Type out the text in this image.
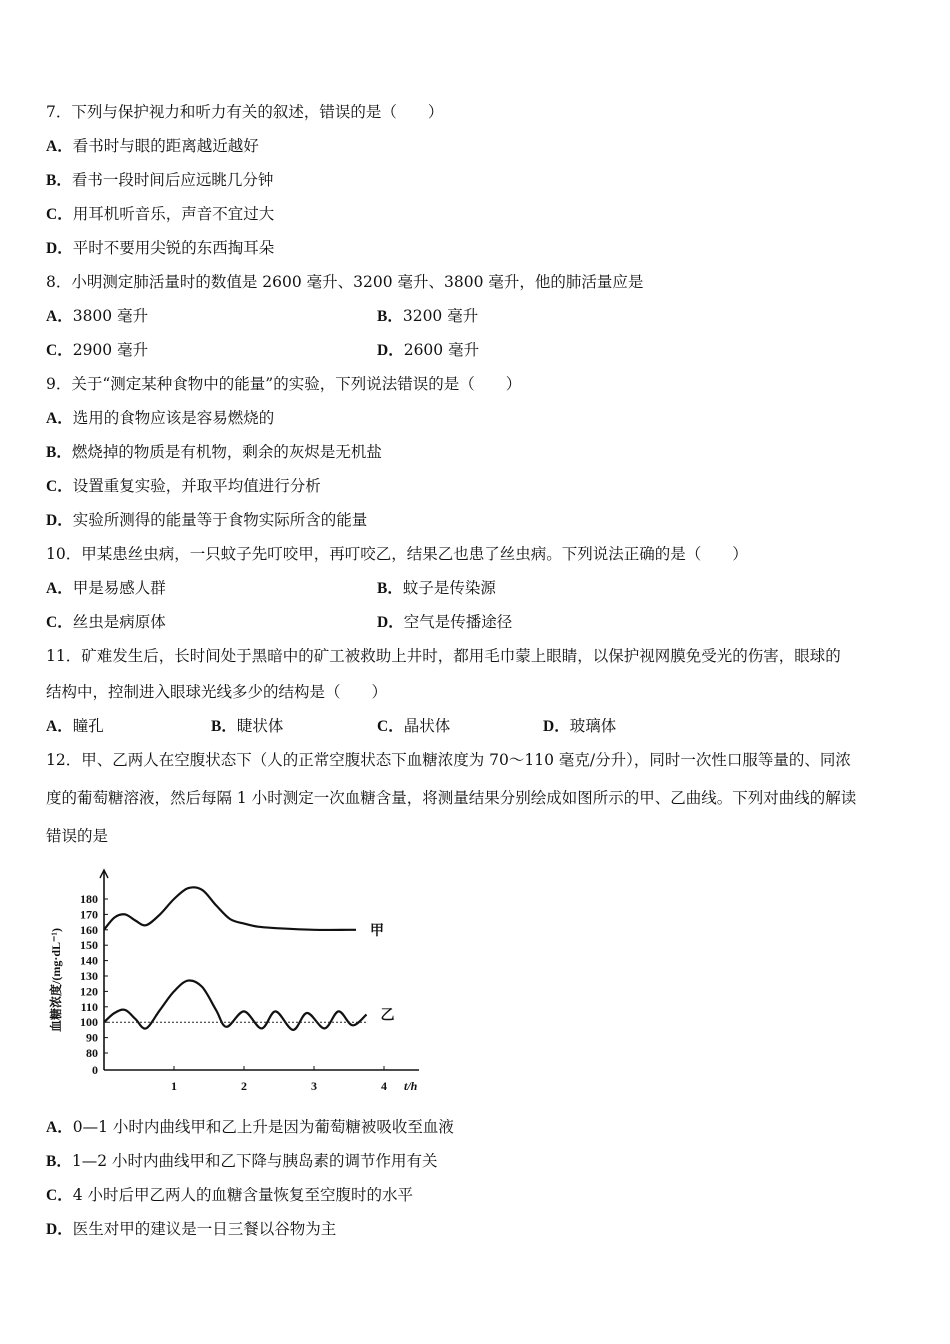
7．下列与保护视力和听力有关的叙述，错误的是（　　）
A．看书时与眼的距离越近越好
B．看书一段时间后应远眺几分钟
C．用耳机听音乐，声音不宜过大
D．平时不要用尖锐的东西掏耳朵
8．小明测定肺活量时的数值是 2600 毫升、3200 毫升、3800 毫升，他的肺活量应是
A．3800 毫升	B．3200 毫升
C．2900 毫升	D．2600 毫升
9．关于“测定某种食物中的能量”的实验，下列说法错误的是（　　）
A．选用的食物应该是容易燃烧的
B．燃烧掉的物质是有机物，剩余的灰烬是无机盐
C．设置重复实验，并取平均值进行分析
D．实验所测得的能量等于食物实际所含的能量
10．甲某患丝虫病，一只蚊子先叮咬甲，再叮咬乙，结果乙也患了丝虫病。下列说法正确的是（　　）
A．甲是易感人群	B．蚊子是传染源
C．丝虫是病原体	D．空气是传播途径
11．矿难发生后，长时间处于黑暗中的矿工被救助上井时，都用毛巾蒙上眼睛，以保护视网膜免受光的伤害，眼球的
结构中，控制进入眼球光线多少的结构是（　　）
A．瞳孔	B．睫状体	C．晶状体	D．玻璃体
12．甲、乙两人在空腹状态下（人的正常空腹状态下血糖浓度为 70～110 毫克/分升），同时一次性口服等量的、同浓
度的葡萄糖溶液，然后每隔 1 小时测定一次血糖含量，将测量结果分别绘成如图所示的甲、乙曲线。下列对曲线的解读
错误的是
0
80
90
100
110
120
130
140
150
160
170
180
1	2	3	4 t/h
血糖浓度/(mg·dL⁻¹)	甲
乙
A．0—1 小时内曲线甲和乙上升是因为葡萄糖被吸收至血液
B．1—2 小时内曲线甲和乙下降与胰岛素的调节作用有关
C．4 小时后甲乙两人的血糖含量恢复至空腹时的水平
D．医生对甲的建议是一日三餐以谷物为主
